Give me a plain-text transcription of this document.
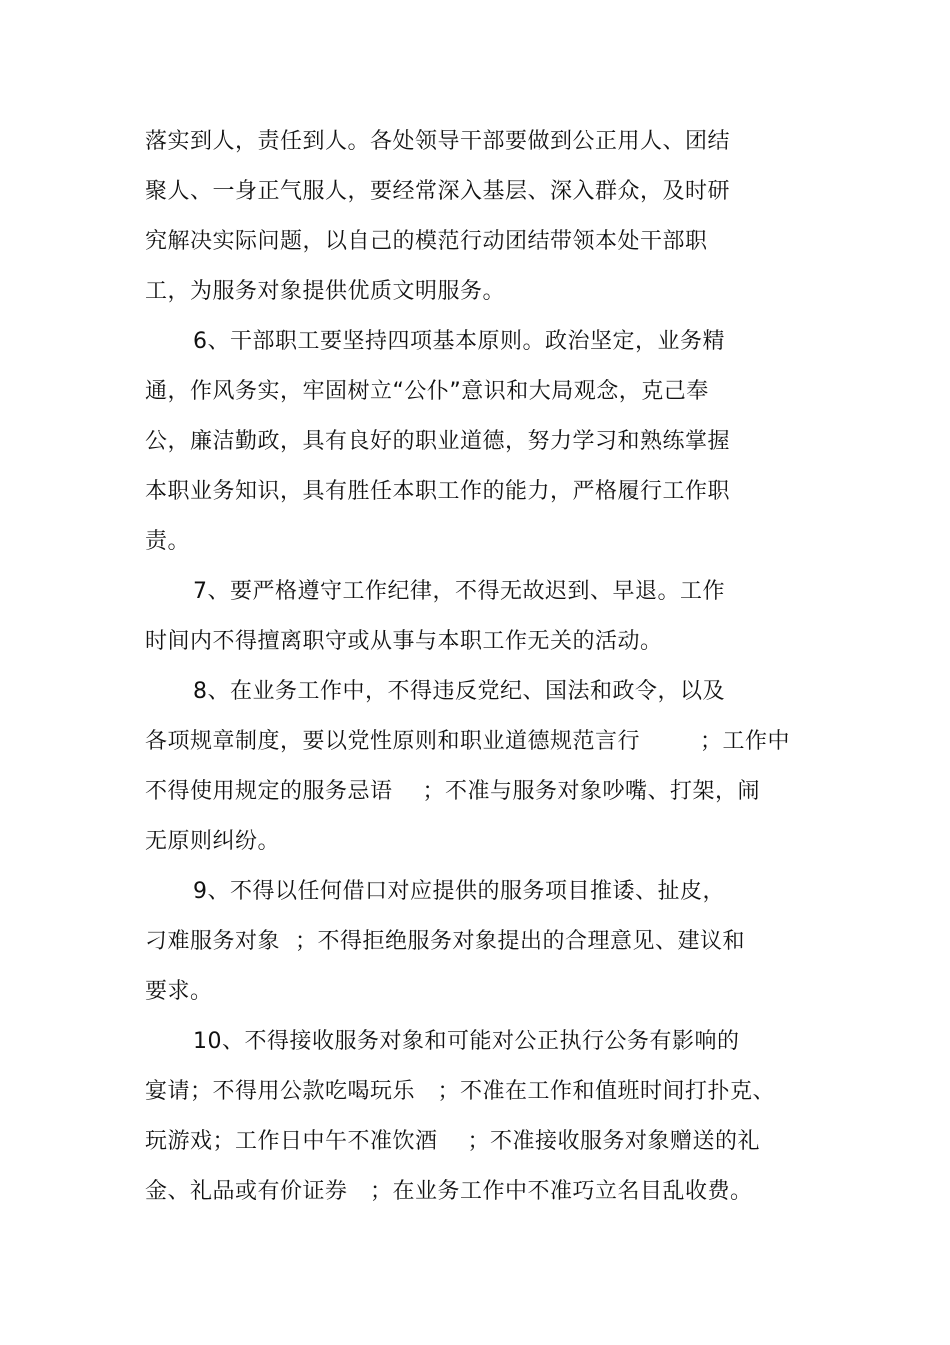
落实到人，责任到人。各处领导干部要做到公正用人、团结
聚人、一身正气服人，要经常深入基层、深入群众，及时研
究解决实际问题，以自己的模范行动团结带领本处干部职
工，为服务对象提供优质文明服务。
6、干部职工要坚持四项基本原则。政治坚定，业务精
通，作风务实，牢固树立“公仆”意识和大局观念，克己奉
公，廉洁勤政，具有良好的职业道德，努力学习和熟练掌握
本职业务知识，具有胜任本职工作的能力，严格履行工作职
责。
7、要严格遵守工作纪律，不得无故迟到、早退。工作
时间内不得擅离职守或从事与本职工作无关的活动。
8、在业务工作中，不得违反党纪、国法和政令，以及
各项规章制度，要以党性原则和职业道德规范言行        ；工作中
不得使用规定的服务忌语    ；不准与服务对象吵嘴、打架，闹
无原则纠纷。
9、不得以任何借口对应提供的服务项目推诿、扯皮，
刁难服务对象  ；不得拒绝服务对象提出的合理意见、建议和
要求。
10、不得接收服务对象和可能对公正执行公务有影响的
宴请；不得用公款吃喝玩乐   ；不准在工作和值班时间打扑克、
玩游戏；工作日中午不准饮酒    ；不准接收服务对象赠送的礼
金、礼品或有价证券   ；在业务工作中不准巧立名目乱收费。
